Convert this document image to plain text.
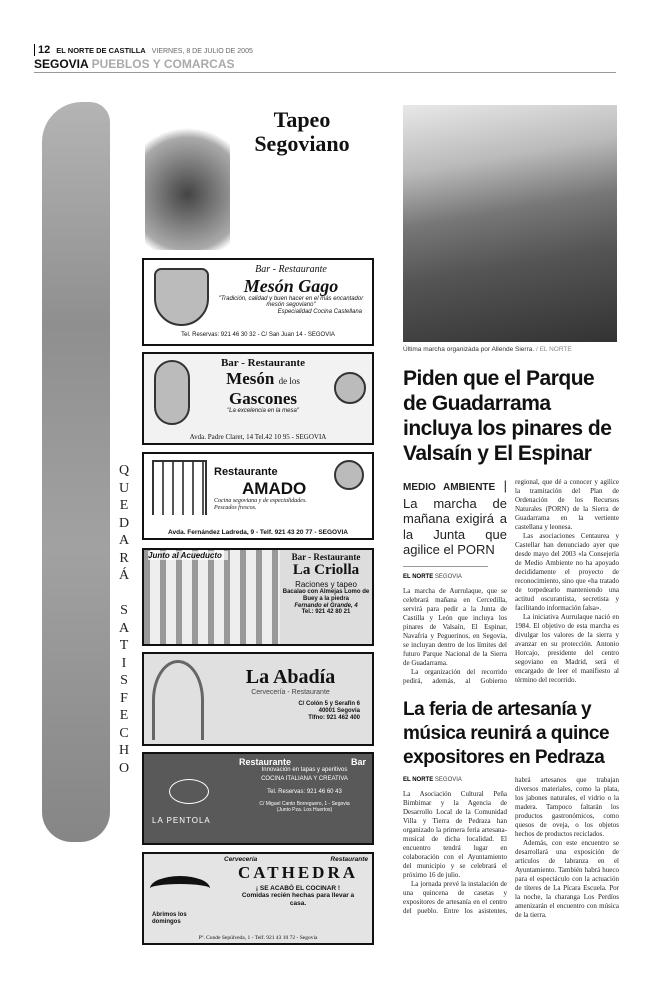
12 EL NORTE DE CASTILLA VIERNES, 8 DE JULIO DE 2005
SEGOVIA PUEBLOS Y COMARCAS
Tapeo Segoviano
Q
U
E
D
A
R
Á
S
A
T
I
S
F
E
C
H
O
Bar - Restaurante
Mesón Gago
"Tradición, calidad y buen hacer en el más encantador mesón segoviano"
Especialidad Cocina Castellana
Tel. Reservas: 921 46 30 32 - C/ San Juan 14 - SEGOVIA
Bar - Restaurante
Mesón de los
Gascones
"La excelencia en la mesa"
Avda. Padre Claret, 14 Tel.42 10 95 - SEGOVIA
Restaurante
AMADO
Cocina segoviana y de especialidades. Pescados frescos.
Avda. Fernández Ladreda, 9 - Telf. 921 43 20 77 - SEGOVIA
Junto al Acueducto	Bar - Restaurante
La Criolla
Raciones y tapeo
Bacalao con Almejas Lomo de Buey a la piedra
Fernando el Grande, 4
Tel.: 921 42 80 21
La Abadía
Cervecería - Restaurante
C/ Colón 5 y Serafín 6
40001 Segovia
Tlfno: 921 462 400
LA PENTOLA
Restaurante	Bar
Innovación en tapas y aperitivos
COCINA ITALIANA Y CREATIVA
Tel. Reservas: 921 46 60 43
C/ Miguel Canto Borreguero, 1 - Segovia
(Junto Pza. Los Huertos)
Abrimos los domingos
Cervecería	Restaurante
CATHEDRA
¡ SE ACABÓ EL COCINAR !
Comidas recién hechas para llevar a casa.
Pº. Conde Sepúlveda, 1 - Telf. 921 43 10 72 - Segovia
Última marcha organizada por Allende Sierra. / EL NORTE
Piden que el Parque de Guadarrama incluya los pinares de Valsaín y El Espinar
MEDIO AMBIENTE | La marcha de mañana exigirá a la Junta que agilice el PORN
EL NORTE SEGOVIA

La marcha de Aurrulaque, que se celebrará mañana en Cercedilla, servirá para pedir a la Junta de Castilla y León que incluya los pinares de Valsaín, El Espinar, Navafría y Peguerinos, en Segovia, se incluyan dentro de los límites del futuro Parque Nacional de la Sierra de Guadarrama.

La organización del recorrido pedirá, además, al Gobierno regional, que dé a conocer y agilice la tramitación del Plan de Ordenación de los Recursos Naturales (PORN) de la Sierra de Guadarrama en la vertiente castellana y leonesa.

Las asociaciones Centaurea y Castellar han denunciado ayer que desde mayo del 2003 «la Consejería de Medio Ambiente no ha apoyado decididamente el proyecto de reconocimiento, sino que «ha tratado de torpedearlo manteniendo una actitud oscurantista, secretista y facilitando información falsa».

La iniciativa Aurrulaque nació en 1984. El objetivo de esta marcha es divulgar los valores de la sierra y avanzar en su protección. Antonio Horcajo, presidente del centro segoviano en Madrid, será el encargado de leer el manifiesto al término del recorrido.

La feria de artesanía y música reunirá a quince expositores en Pedraza
EL NORTE SEGOVIA

La Asociación Cultural Peña Bimbimar y la Agencia de Desarrollo Local de la Comunidad Villa y Tierra de Pedraza han organizado la primera feria artesana-musical de dicha localidad. El encuentro tendrá lugar en colaboración con el Ayuntamiento del municipio y se celebrará el próximo 16 de julio.

La jornada prevé la instalación de una quincena de casetas y expositores de artesanía en el centro del pueblo. Entre los asistentes, habrá artesanos que trabajan diversos materiales, como la plata, los jabones naturales, el vidrio o la madera. Tampoco faltarán los productos gastronómicos, como quesos de oveja, o los objetos hechos de productos reciclados.

Además, con este encuentro se desarrollará una exposición de artículos de labranza en el Ayuntamiento. También habrá hueco para el espectáculo con la actuación de títeres de La Pícara Escuela. Por la noche, la charanga Los Perdíos amenizarán el encuentro con música de la tierra.
